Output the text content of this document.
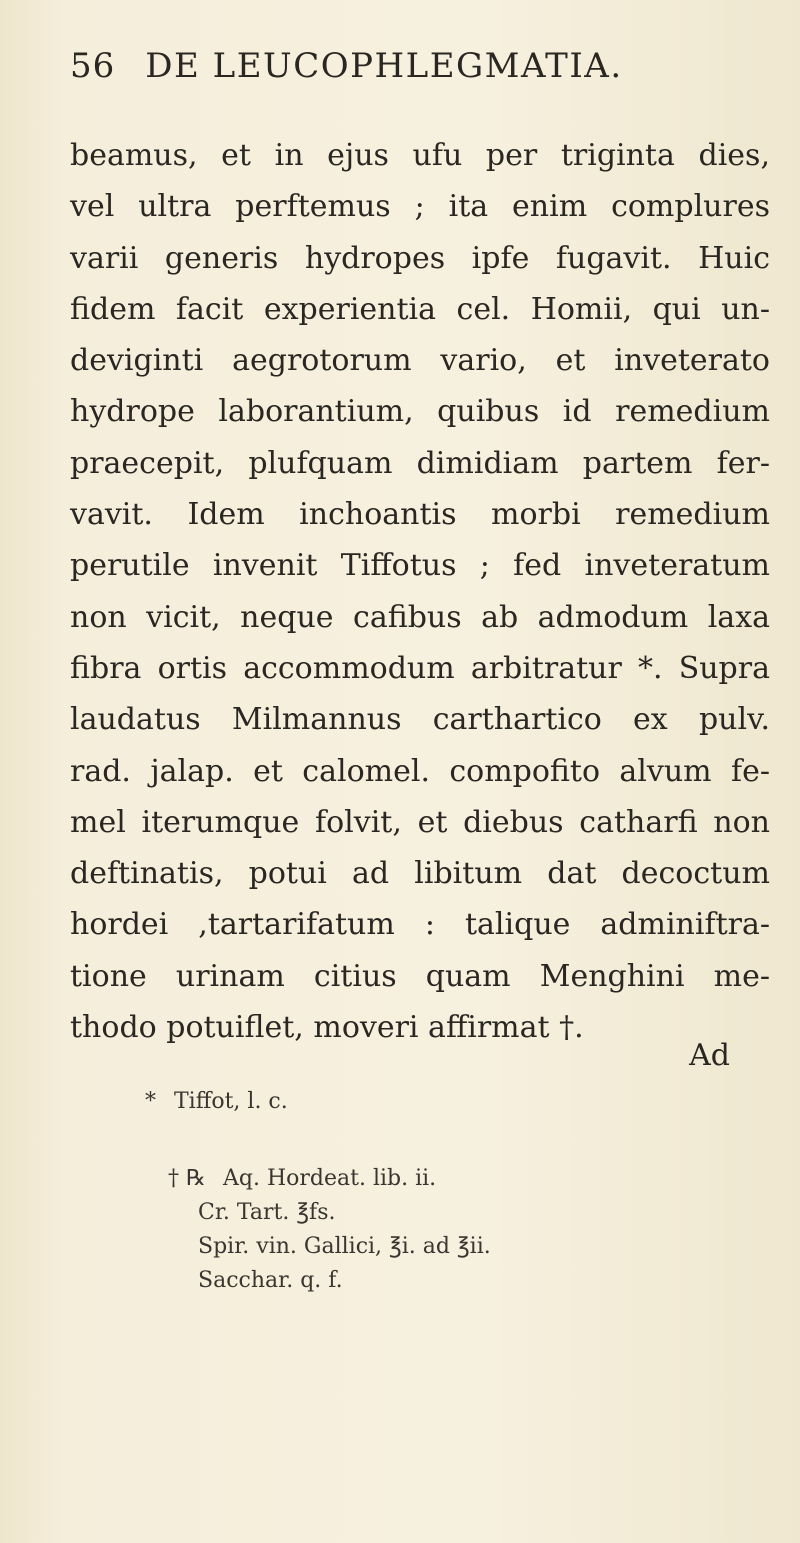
56 DE LEUCOPHLEGMATIA.
beamus, et in ejus ufu per triginta dies,
vel ultra perftemus ; ita enim complures
varii generis hydropes ipfe fugavit. Huic
fidem facit experientia cel. Homii, qui un-
deviginti aegrotorum vario, et inveterato
hydrope laborantium, quibus id remedium
praecepit, plufquam dimidiam partem fer-
vavit. Idem inchoantis morbi remedium
perutile invenit Tiffotus ; fed inveteratum
non vicit, neque cafibus ab admodum laxa
fibra ortis accommodum arbitratur *. Supra
laudatus Milmannus carthartico ex pulv.
rad. jalap. et calomel. compofito alvum fe-
mel iterumque folvit, et diebus catharfi non
deftinatis, potui ad libitum dat decoctum
hordei ,tartarifatum : talique adminiftra-
tione urinam citius quam Menghini me-
thodo potuiflet, moveri affirmat †.
Ad
* Tiffot, l. c.
† ℞ Aq. Hordeat. lib. ii.
Cr. Tart. ℥fs.
Spir. vin. Gallici, ℥i. ad ℥ii.
Sacchar. q. f.
